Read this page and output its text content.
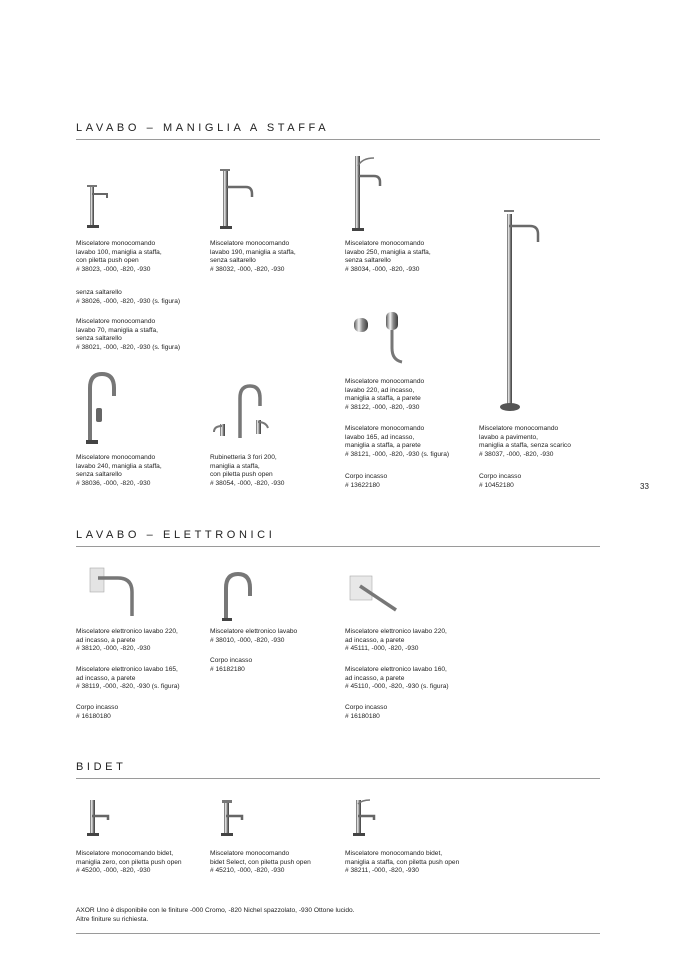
LAVABO – MANIGLIA A STAFFA
Miscelatore monocomando
lavabo 100, maniglia a staffa,
con piletta push open
# 38023, -000, -820, -930
senza saltarello
# 38026, -000, -820, -930 (s. figura)
Miscelatore monocomando
lavabo 70, maniglia a staffa,
senza saltarello
# 38021, -000, -820, -930 (s. figura)
Miscelatore monocomando
lavabo 190, maniglia a staffa,
senza saltarello
# 38032, -000, -820, -930
Miscelatore monocomando
lavabo 250, maniglia a staffa,
senza saltarello
# 38034, -000, -820, -930
Miscelatore monocomando
lavabo a pavimento,
maniglia a staffa, senza scarico
# 38037, -000, -820, -930
Corpo incasso
# 10452180
Miscelatore monocomando
lavabo 220, ad incasso,
maniglia a staffa, a parete
# 38122, -000, -820, -930
Miscelatore monocomando
lavabo 165, ad incasso,
maniglia a staffa, a parete
# 38121, -000, -820, -930 (s. figura)
Corpo incasso
# 13622180
Miscelatore monocomando
lavabo 240, maniglia a staffa,
senza saltarello
# 38036, -000, -820, -930
Rubinetteria 3 fori 200,
maniglia a staffa,
con piletta push open
# 38054, -000, -820, -930	33
LAVABO – ELETTRONICI
Miscelatore elettronico lavabo 220,
ad incasso, a parete
# 38120, -000, -820, -930
Miscelatore elettronico lavabo 165,
ad incasso, a parete
# 38119, -000, -820, -930 (s. figura)
Corpo incasso
# 16180180
Miscelatore elettronico lavabo
# 38010, -000, -820, -930
Corpo incasso
# 16182180
Miscelatore elettronico lavabo 220,
ad incasso, a parete
# 45111, -000, -820, -930
Miscelatore elettronico lavabo 160,
ad incasso, a parete
# 45110, -000, -820, -930 (s. figura)
Corpo incasso
# 16180180
BIDET
Miscelatore monocomando bidet,
maniglia zero, con piletta push open
# 45200, -000, -820, -930
Miscelatore monocomando
bidet Select, con piletta push open
# 45210, -000, -820, -930
Miscelatore monocomando bidet,
maniglia a staffa, con piletta push open
# 38211, -000, -820, -930
AXOR Uno è disponibile con le finiture -000 Cromo, -820 Nichel spazzolato, -930 Ottone lucido.
Altre finiture su richiesta.
